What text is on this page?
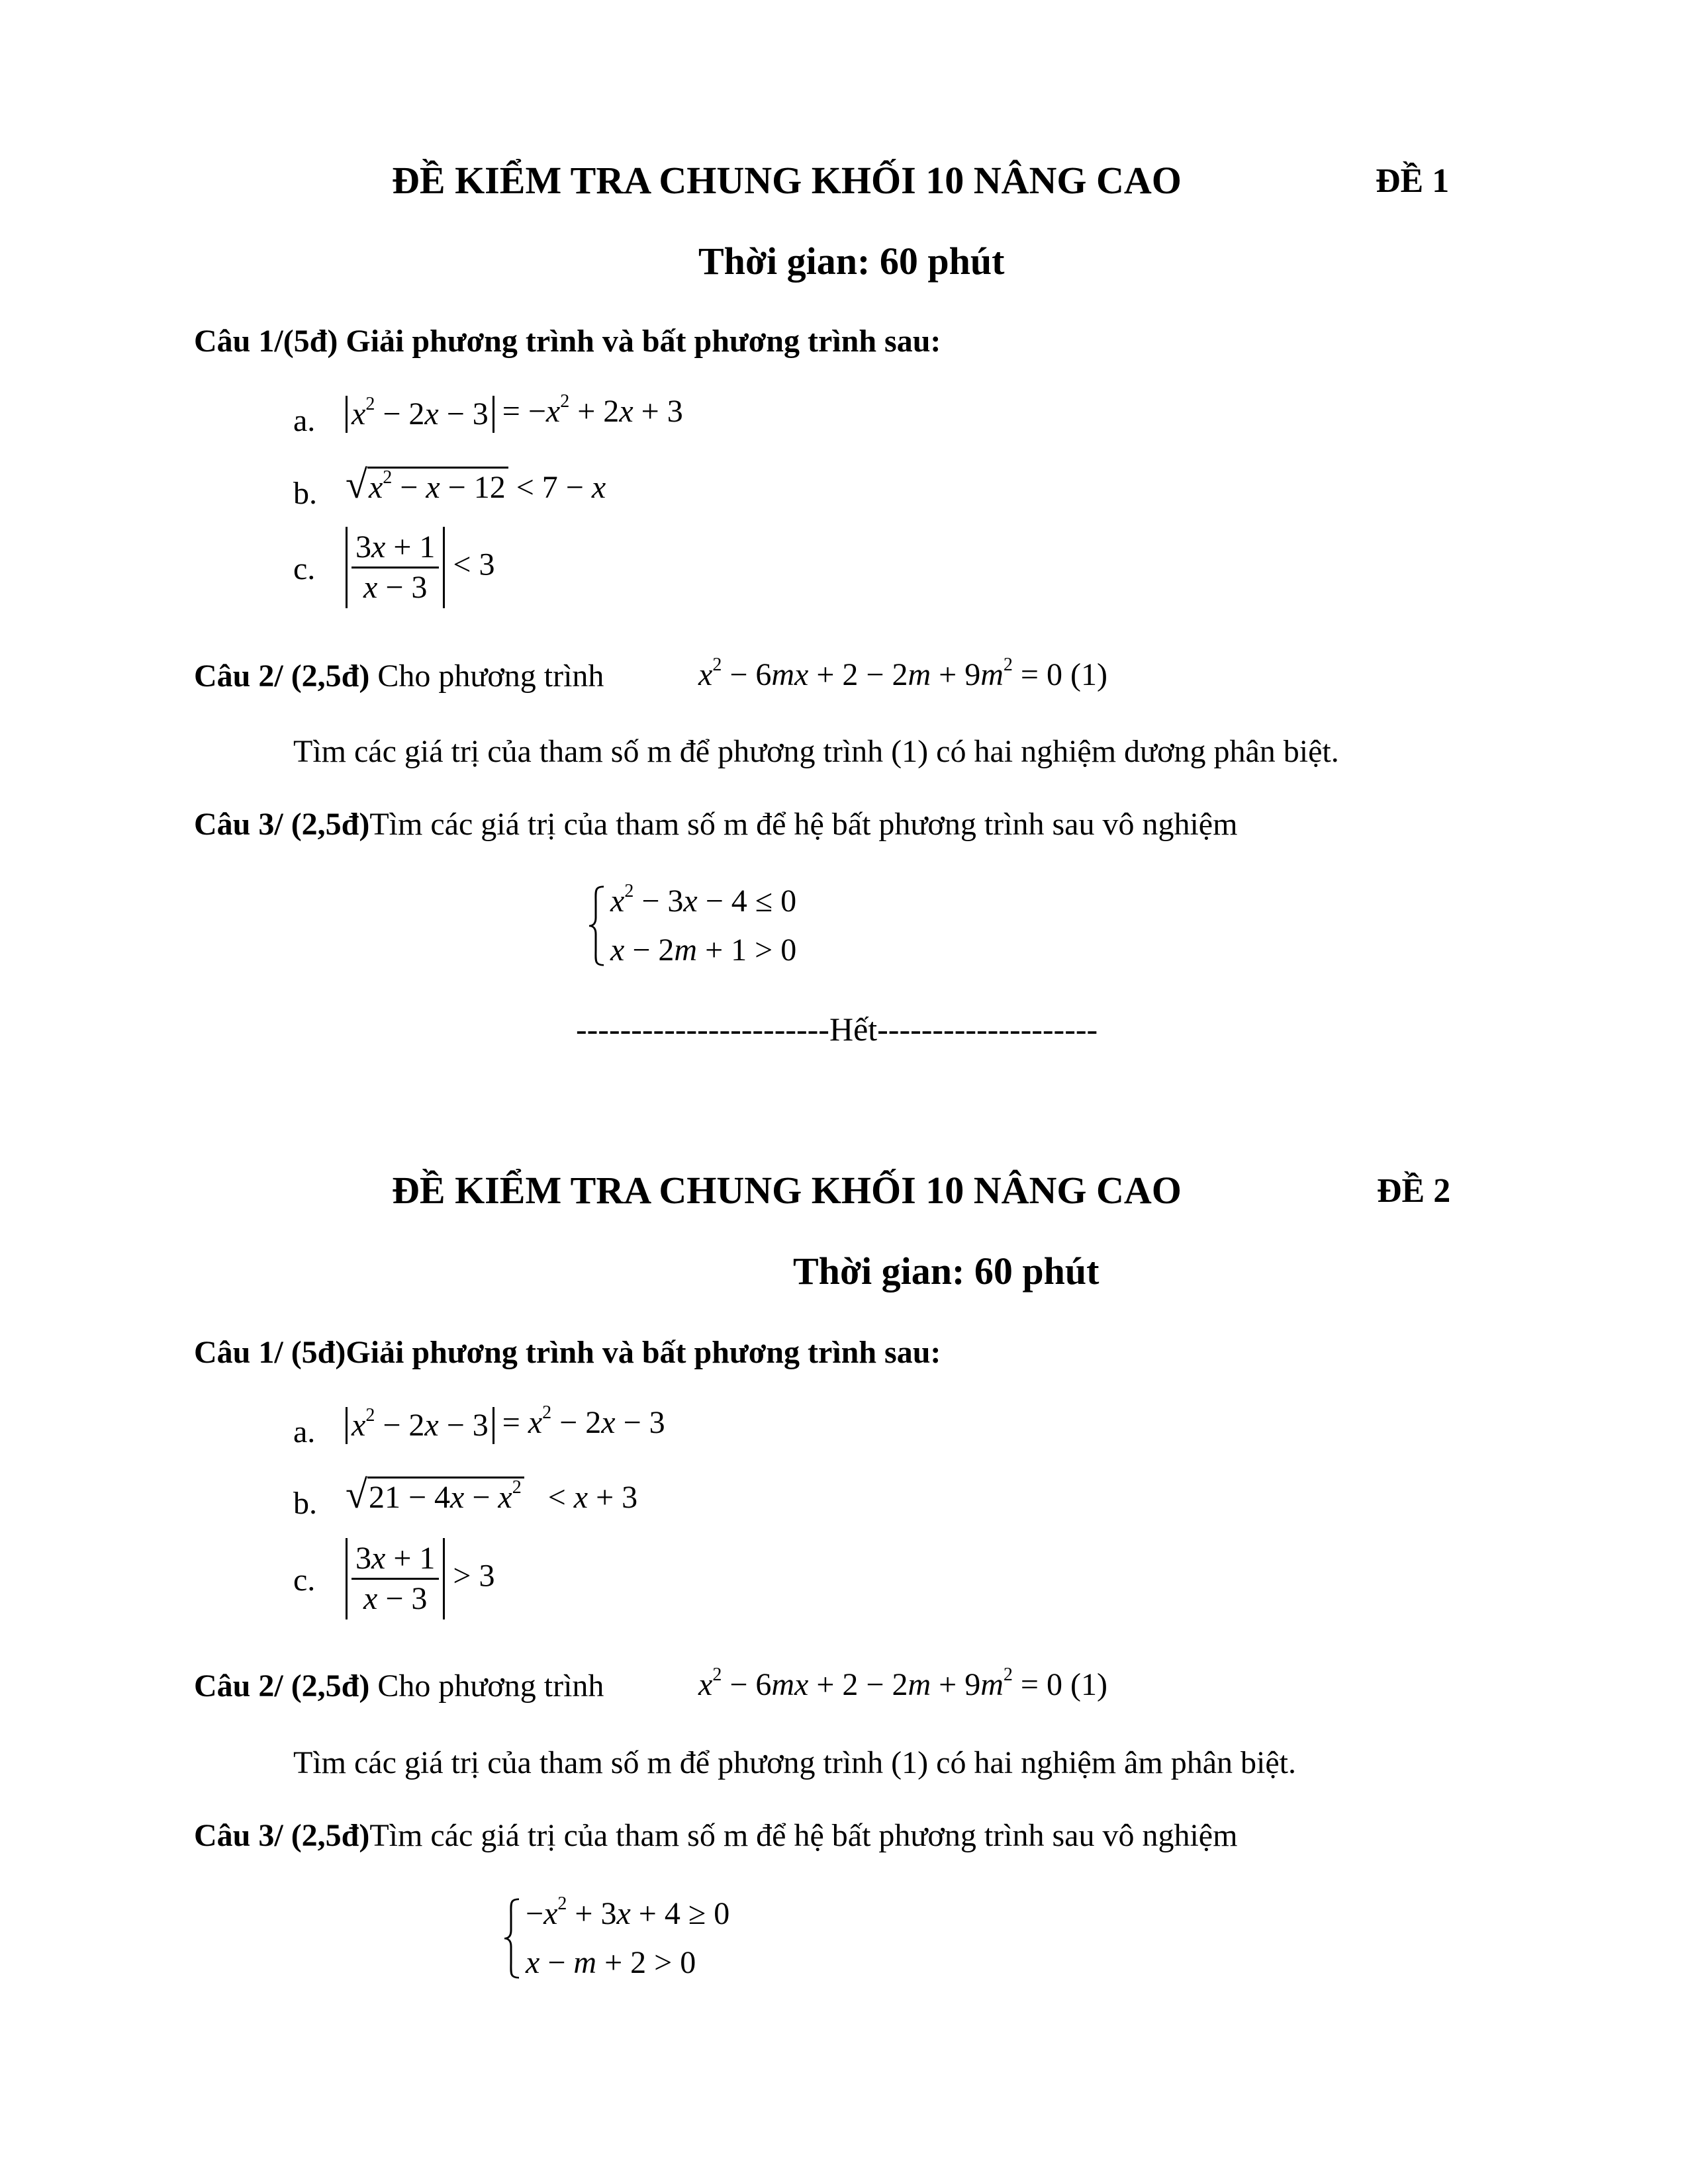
ĐỀ KIỂM TRA CHUNG KHỐI 10 NÂNG CAO	ĐỀ 1
Thời gian: 60 phút
Câu 1/(5đ) Giải phương trình và bất phương trình sau:
a. $x^2 - 2x - 3 = -x^2 + 2x + 3$
b. √ $x^2 - x - 12 < 7 - x$
c. $\frac{3x + 1}{x - 3} < 3$
Câu 2/ (2,5đ) Cho phương trình	$x^2 - 6mx + 2 - 2m + 9m^2 = 0$ (1)
Tìm các giá trị của tham số m để phương trình (1) có hai nghiệm dương phân biệt.
Câu 3/ (2,5đ)Tìm các giá trị của tham số m để hệ bất phương trình sau vô nghiệm
$x^2 - 3x - 4 \le 0$
x − 2m + 1 > 0
-----------------------Hết--------------------
ĐỀ KIỂM TRA CHUNG KHỐI 10 NÂNG CAO	ĐỀ 2
Thời gian: 60 phút
Câu 1/ (5đ)Giải phương trình và bất phương trình sau:
a. $x^2 - 2x - 3 = x^2 - 2x - 3$
b. √ $21 - 4x - x^2 < x + 3$
c. $\frac{3x + 1}{x - 3} > 3$
Câu 2/ (2,5đ) Cho phương trình	$x^2 - 6mx + 2 - 2m + 9m^2 = 0$ (1)
Tìm các giá trị của tham số m để phương trình (1) có hai nghiệm âm phân biệt.
Câu 3/ (2,5đ)Tìm các giá trị của tham số m để hệ bất phương trình sau vô nghiệm
$-x^2 + 3x + 4 \ge 0$
x − m + 2 > 0
